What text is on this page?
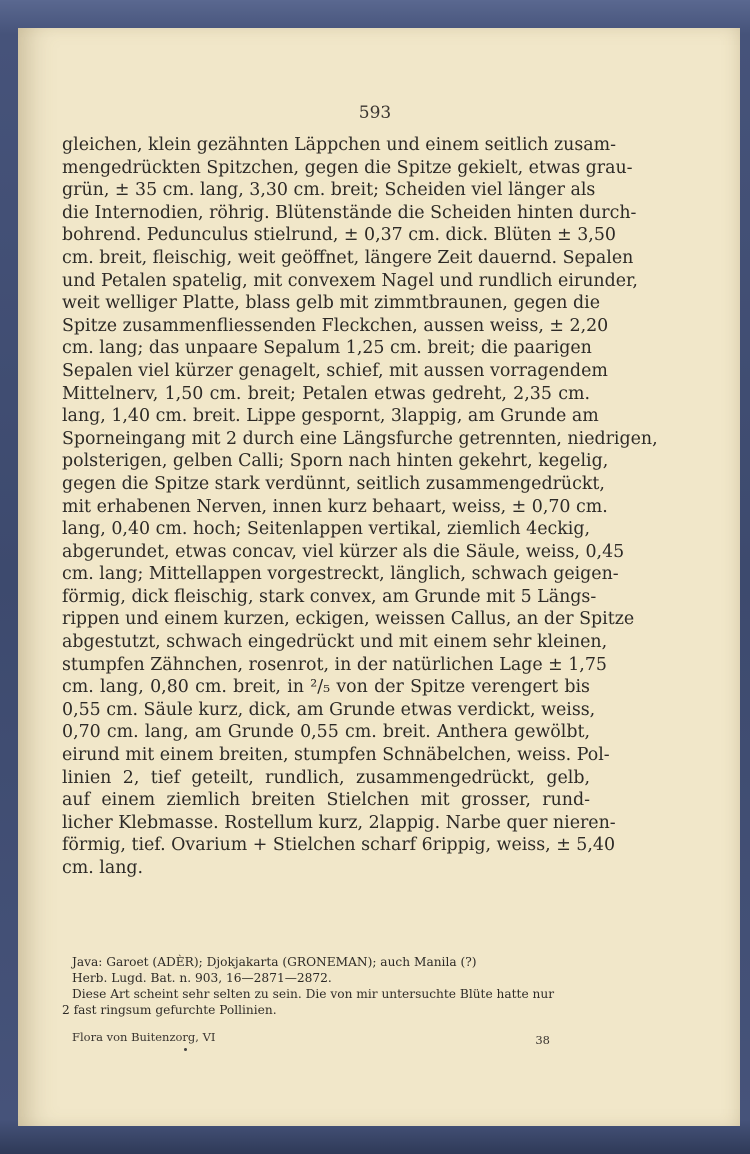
593
gleichen, klein gezähnten Läppchen und einem seitlich zusam-
mengedrückten Spitzchen, gegen die Spitze gekielt, etwas grau-
grün, ± 35 cm. lang, 3,30 cm. breit; Scheiden viel länger als
die Internodien, röhrig. Blütenstände die Scheiden hinten durch-
bohrend. Pedunculus stielrund, ± 0,37 cm. dick. Blüten ± 3,50
cm. breit, fleischig, weit geöffnet, längere Zeit dauernd. Sepalen
und Petalen spatelig, mit convexem Nagel und rundlich eirunder,
weit welliger Platte, blass gelb mit zimmtbraunen, gegen die
Spitze zusammenfliessenden Fleckchen, aussen weiss, ± 2,20
cm. lang; das unpaare Sepalum 1,25 cm. breit; die paarigen
Sepalen viel kürzer genagelt, schief, mit aussen vorragendem
Mittelnerv, 1,50 cm. breit; Petalen etwas gedreht, 2,35 cm.
lang, 1,40 cm. breit. Lippe gespornt, 3lappig, am Grunde am
Sporneingang mit 2 durch eine Längsfurche getrennten, niedrigen,
polsterigen, gelben Calli; Sporn nach hinten gekehrt, kegelig,
gegen die Spitze stark verdünnt, seitlich zusammengedrückt,
mit erhabenen Nerven, innen kurz behaart, weiss, ± 0,70 cm.
lang, 0,40 cm. hoch; Seitenlappen vertikal, ziemlich 4eckig,
abgerundet, etwas concav, viel kürzer als die Säule, weiss, 0,45
cm. lang; Mittellappen vorgestreckt, länglich, schwach geigen-
förmig, dick fleischig, stark convex, am Grunde mit 5 Längs-
rippen und einem kurzen, eckigen, weissen Callus, an der Spitze
abgestutzt, schwach eingedrückt und mit einem sehr kleinen,
stumpfen Zähnchen, rosenrot, in der natürlichen Lage ± 1,75
cm. lang, 0,80 cm. breit, in ²/₅ von der Spitze verengert bis
0,55 cm. Säule kurz, dick, am Grunde etwas verdickt, weiss,
0,70 cm. lang, am Grunde 0,55 cm. breit. Anthera gewölbt,
eirund mit einem breiten, stumpfen Schnäbelchen, weiss. Pol-
linien 2, tief geteilt, rundlich, zusammengedrückt, gelb,
auf einem ziemlich breiten Stielchen mit grosser, rund-
licher Klebmasse. Rostellum kurz, 2lappig. Narbe quer nieren-
förmig, tief. Ovarium + Stielchen scharf 6rippig, weiss, ± 5,40
cm. lang.
Java: Garoet (ADÈR); Djokjakarta (GRONEMAN); auch Manila (?)
Herb. Lugd. Bat. n. 903, 16—2871—2872.
Diese Art scheint sehr selten zu sein. Die von mir untersuchte Blüte hatte nur
2 fast ringsum gefurchte Pollinien.
Flora von Buitenzorg, VI	38
